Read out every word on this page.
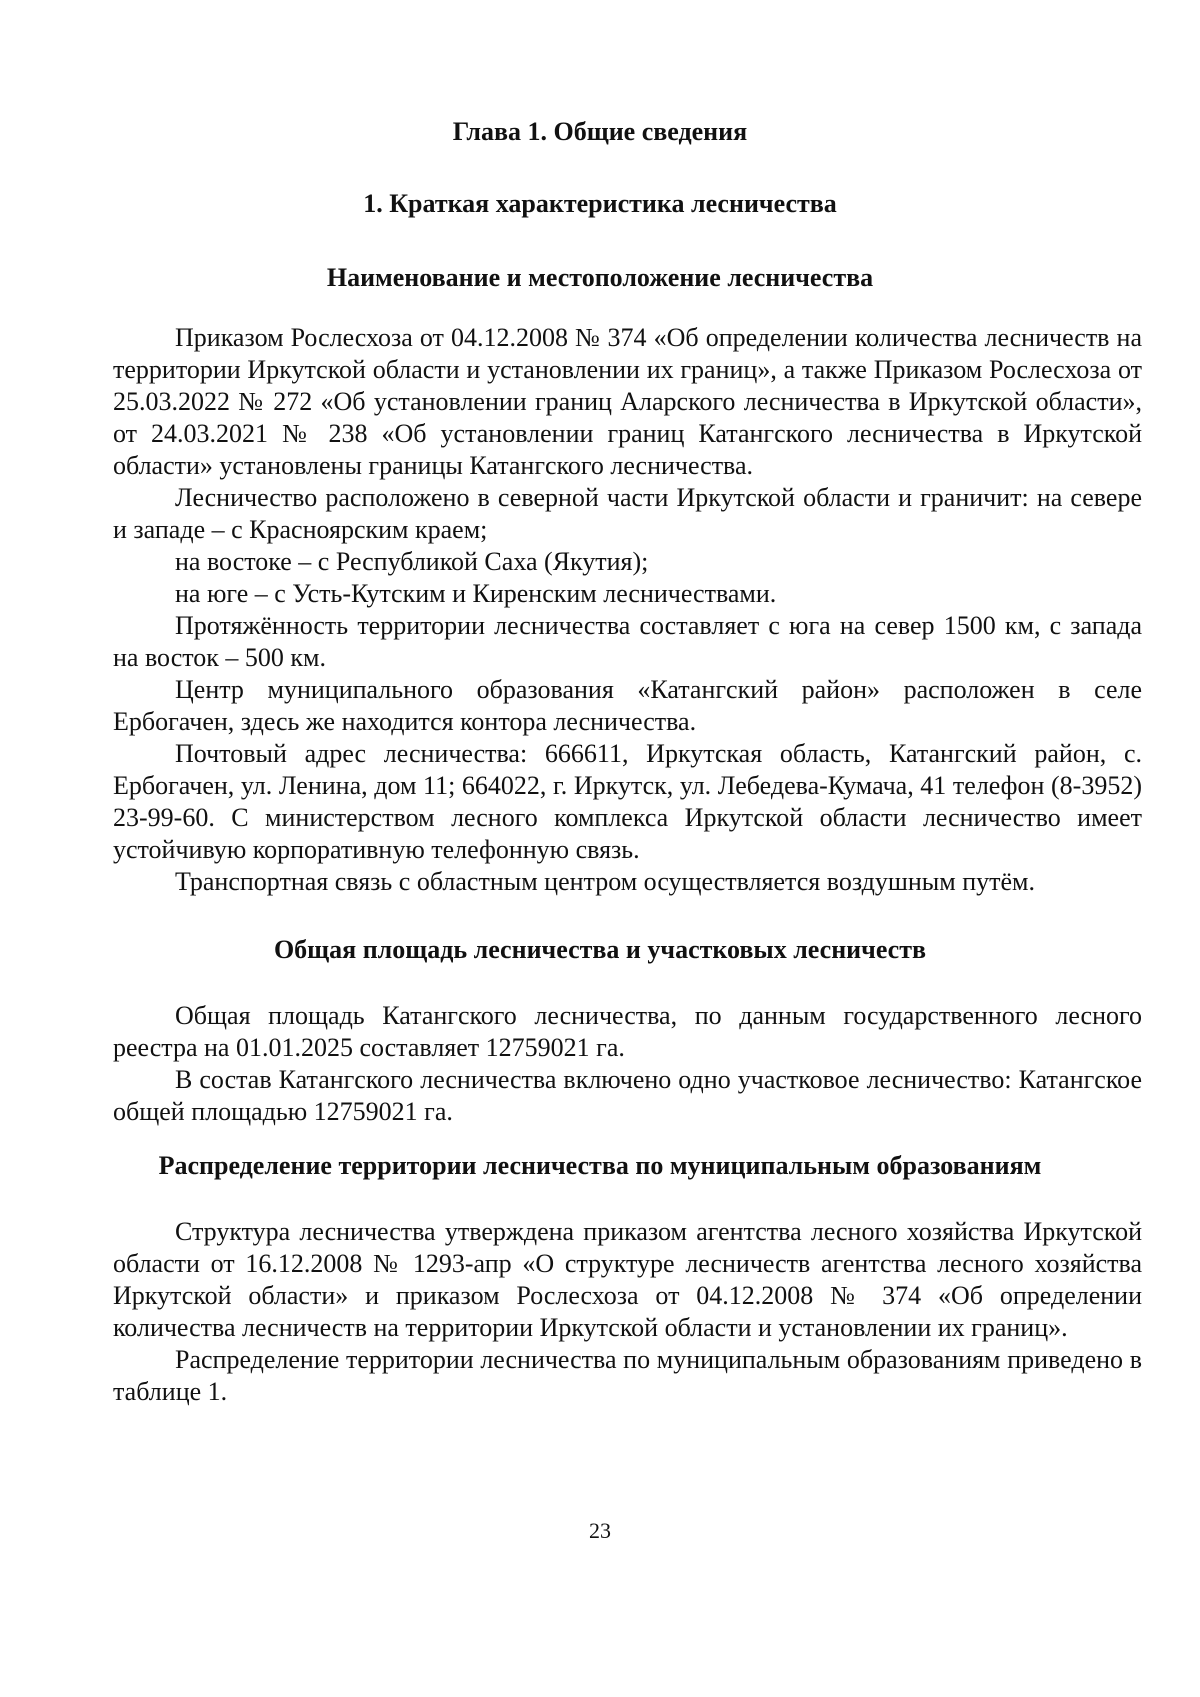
Глава 1. Общие сведения
1. Краткая характеристика лесничества
Наименование и местоположение лесничества

Приказом Рослесхоза от 04.12.2008 № 374 «Об определении количества лесничеств на территории Иркутской области и установлении их границ», а также Приказом Рослесхоза от 25.03.2022 № 272 «Об установлении границ Аларского лесничества в Иркутской области», от 24.03.2021 № 238 «Об установлении границ Катангского лесничества в Иркутской области» установлены границы Катангского лесничества.

Лесничество расположено в северной части Иркутской области и граничит: на севере и западе – с Красноярским краем;

на востоке – с Республикой Саха (Якутия);

на юге – с Усть-Кутским и Киренским лесничествами.

Протяжённость территории лесничества составляет с юга на север 1500 км, с запада на восток – 500 км.

Центр муниципального образования «Катангский район» расположен в селе Ербогачен, здесь же находится контора лесничества.

Почтовый адрес лесничества: 666611, Иркутская область, Катангский район, с. Ербогачен, ул. Ленина, дом 11; 664022, г. Иркутск, ул. Лебедева-Кумача, 41 телефон (8-3952) 23-99-60. С министерством лесного комплекса Иркутской области лесничество имеет устойчивую корпоративную телефонную связь.

Транспортная связь с областным центром осуществляется воздушным путём.

Общая площадь лесничества и участковых лесничеств

Общая площадь Катангского лесничества, по данным государственного лесного реестра на 01.01.2025 составляет 12759021 га.

В состав Катангского лесничества включено одно участковое лесничество: Катангское общей площадью 12759021 га.

Распределение территории лесничества по муниципальным образованиям

Структура лесничества утверждена приказом агентства лесного хозяйства Иркутской области от 16.12.2008 № 1293-апр «О структуре лесничеств агентства лесного хозяйства Иркутской области» и приказом Рослесхоза от 04.12.2008 № 374 «Об определении количества лесничеств на территории Иркутской области и установлении их границ».

Распределение территории лесничества по муниципальным образованиям приведено в таблице 1.

23
